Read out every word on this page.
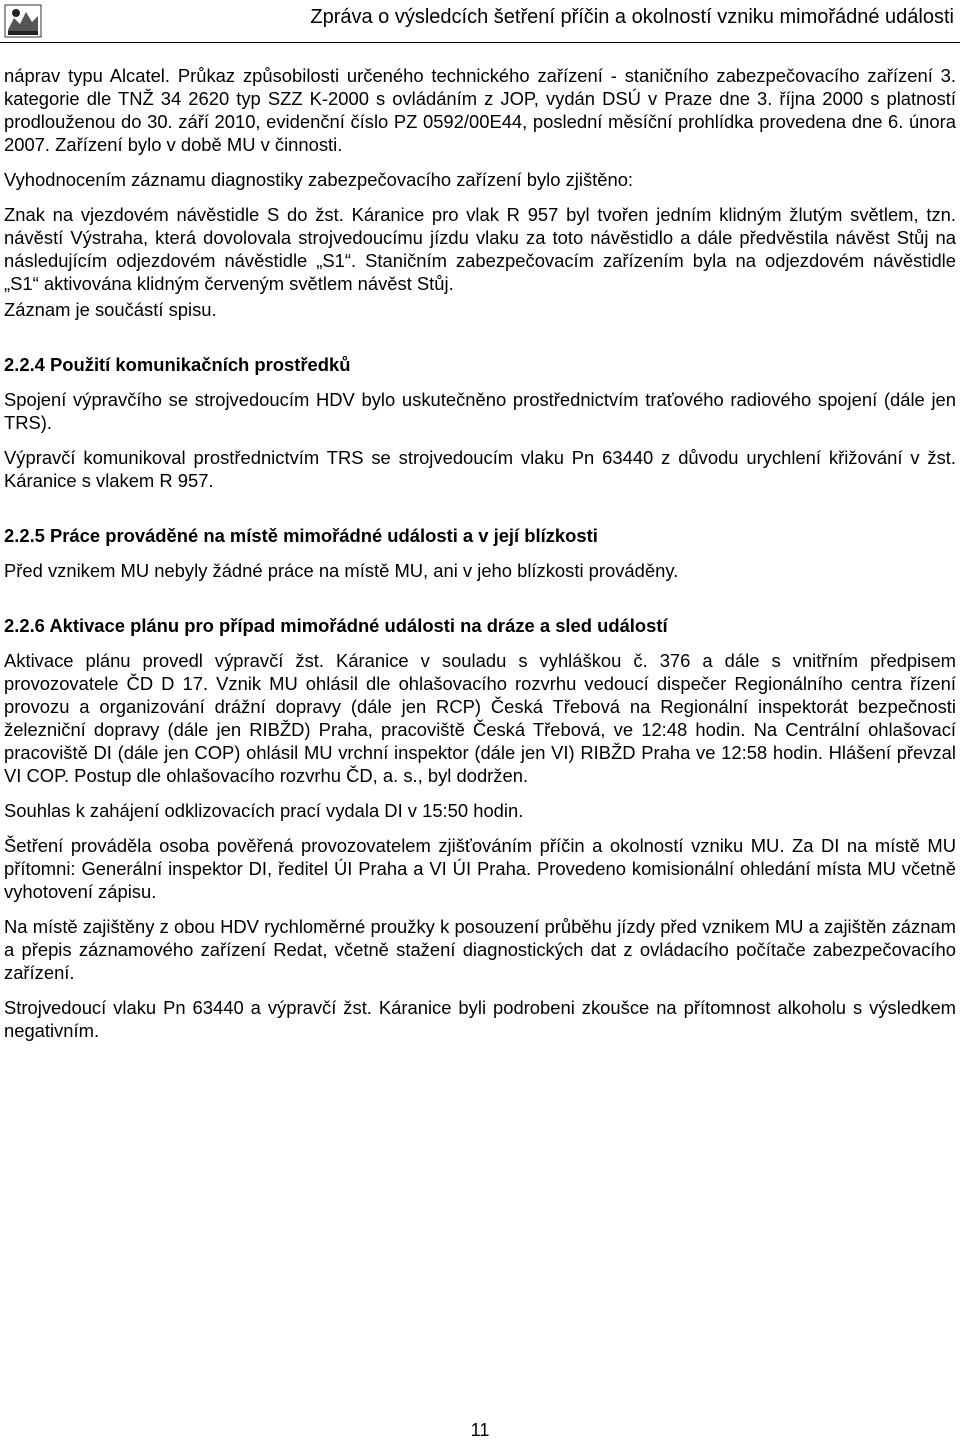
Zpráva o výsledcích šetření příčin a okolností vzniku mimořádné události

náprav typu Alcatel. Průkaz způsobilosti určeného technického zařízení - staničního zabezpečovacího zařízení 3. kategorie dle TNŽ 34 2620 typ SZZ K-2000 s ovládáním z JOP, vydán DSÚ v Praze dne 3. října 2000 s platností prodlouženou do 30. září 2010, evidenční číslo PZ 0592/00E44, poslední měsíční prohlídka provedena dne 6. února 2007. Zařízení bylo v době MU v činnosti.

Vyhodnocením záznamu diagnostiky zabezpečovacího zařízení bylo zjištěno:

Znak na vjezdovém návěstidle S do žst. Káranice pro vlak R 957 byl tvořen jedním klidným žlutým světlem, tzn. návěstí Výstraha, která dovolovala strojvedoucímu jízdu vlaku za toto návěstidlo a dále předvěstila návěst Stůj na následujícím odjezdovém návěstidle „S1“. Staničním zabezpečovacím zařízením byla na odjezdovém návěstidle „S1“ aktivována klidným červeným světlem návěst Stůj.

Záznam je součástí spisu.

2.2.4 Použití komunikačních prostředků

Spojení výpravčího se strojvedoucím HDV bylo uskutečněno prostřednictvím traťového radiového spojení (dále jen TRS).

Výpravčí komunikoval prostřednictvím TRS se strojvedoucím vlaku Pn 63440 z důvodu urychlení křižování v žst. Káranice s vlakem R 957.

2.2.5 Práce prováděné na místě mimořádné události a v její blízkosti

Před vznikem MU nebyly žádné práce na místě MU, ani v jeho blízkosti prováděny.

2.2.6 Aktivace plánu pro případ mimořádné události na dráze a sled událostí

Aktivace plánu provedl výpravčí žst. Káranice v souladu s vyhláškou č. 376 a dále s vnitřním předpisem provozovatele ČD D 17. Vznik MU ohlásil dle ohlašovacího rozvrhu vedoucí dispečer Regionálního centra řízení provozu a organizování drážní dopravy (dále jen RCP) Česká Třebová na Regionální inspektorát bezpečnosti železniční dopravy (dále jen RIBŽD) Praha, pracoviště Česká Třebová, ve 12:48 hodin. Na Centrální ohlašovací pracoviště DI (dále jen COP) ohlásil MU vrchní inspektor (dále jen VI) RIBŽD Praha ve 12:58 hodin. Hlášení převzal VI COP. Postup dle ohlašovacího rozvrhu ČD, a. s., byl dodržen.

Souhlas k zahájení odklizovacích prací vydala DI v 15:50 hodin.

Šetření prováděla osoba pověřená provozovatelem zjišťováním příčin a okolností vzniku MU. Za DI na místě MU přítomni: Generální inspektor DI, ředitel ÚI Praha a VI ÚI Praha. Provedeno komisionální ohledání místa MU včetně vyhotovení zápisu.

Na místě zajištěny z obou HDV rychloměrné proužky k posouzení průběhu jízdy před vznikem MU a zajištěn záznam a přepis záznamového zařízení Redat, včetně stažení diagnostických dat z ovládacího počítače zabezpečovacího zařízení.

Strojvedoucí vlaku Pn 63440 a výpravčí žst. Káranice byli podrobeni zkoušce na přítomnost alkoholu s výsledkem negativním.

11
